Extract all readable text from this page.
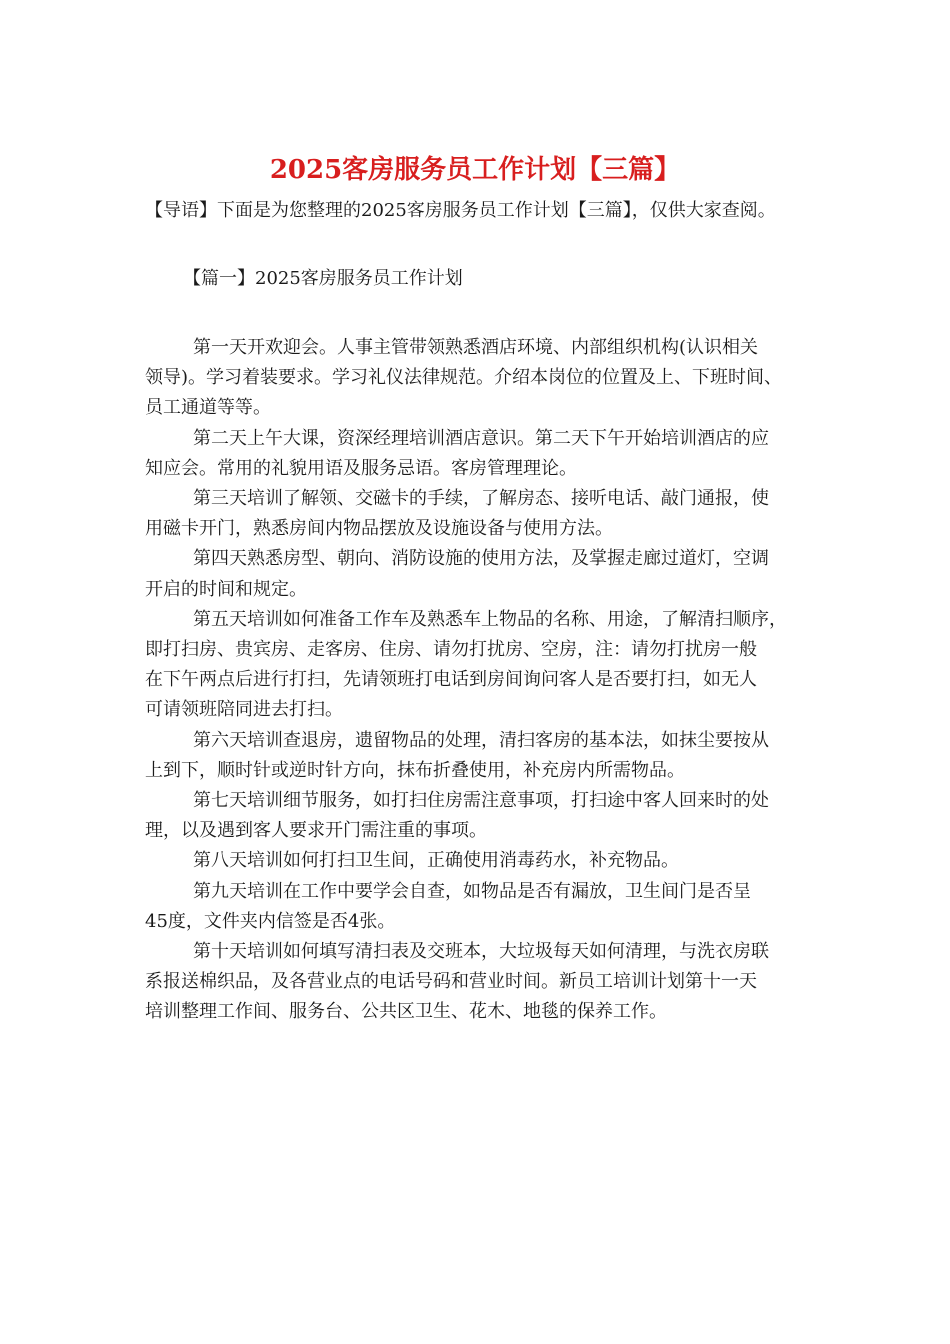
2025客房服务员工作计划【三篇】

【导语】下面是为您整理的2025客房服务员工作计划【三篇】，仅供大家查阅。

【篇一】2025客房服务员工作计划

第一天开欢迎会。人事主管带领熟悉酒店环境、内部组织机构(认识相关
领导)。学习着装要求。学习礼仪法律规范。介绍本岗位的位置及上、下班时间、
员工通道等等。

第二天上午大课，资深经理培训酒店意识。第二天下午开始培训酒店的应
知应会。常用的礼貌用语及服务忌语。客房管理理论。

第三天培训了解领、交磁卡的手续，了解房态、接听电话、敲门通报，使
用磁卡开门，熟悉房间内物品摆放及设施设备与使用方法。

第四天熟悉房型、朝向、消防设施的使用方法，及掌握走廊过道灯，空调
开启的时间和规定。

第五天培训如何准备工作车及熟悉车上物品的名称、用途，了解清扫顺序，
即打扫房、贵宾房、走客房、住房、请勿打扰房、空房，注：请勿打扰房一般
在下午两点后进行打扫，先请领班打电话到房间询问客人是否要打扫，如无人
可请领班陪同进去打扫。

第六天培训查退房，遗留物品的处理，清扫客房的基本法，如抹尘要按从
上到下，顺时针或逆时针方向，抹布折叠使用，补充房内所需物品。

第七天培训细节服务，如打扫住房需注意事项，打扫途中客人回来时的处
理，以及遇到客人要求开门需注重的事项。

第八天培训如何打扫卫生间，正确使用消毒药水，补充物品。

第九天培训在工作中要学会自查，如物品是否有漏放，卫生间门是否呈
45度，文件夹内信签是否4张。

第十天培训如何填写清扫表及交班本，大垃圾每天如何清理，与洗衣房联
系报送棉织品，及各营业点的电话号码和营业时间。新员工培训计划第十一天
培训整理工作间、服务台、公共区卫生、花木、地毯的保养工作。
